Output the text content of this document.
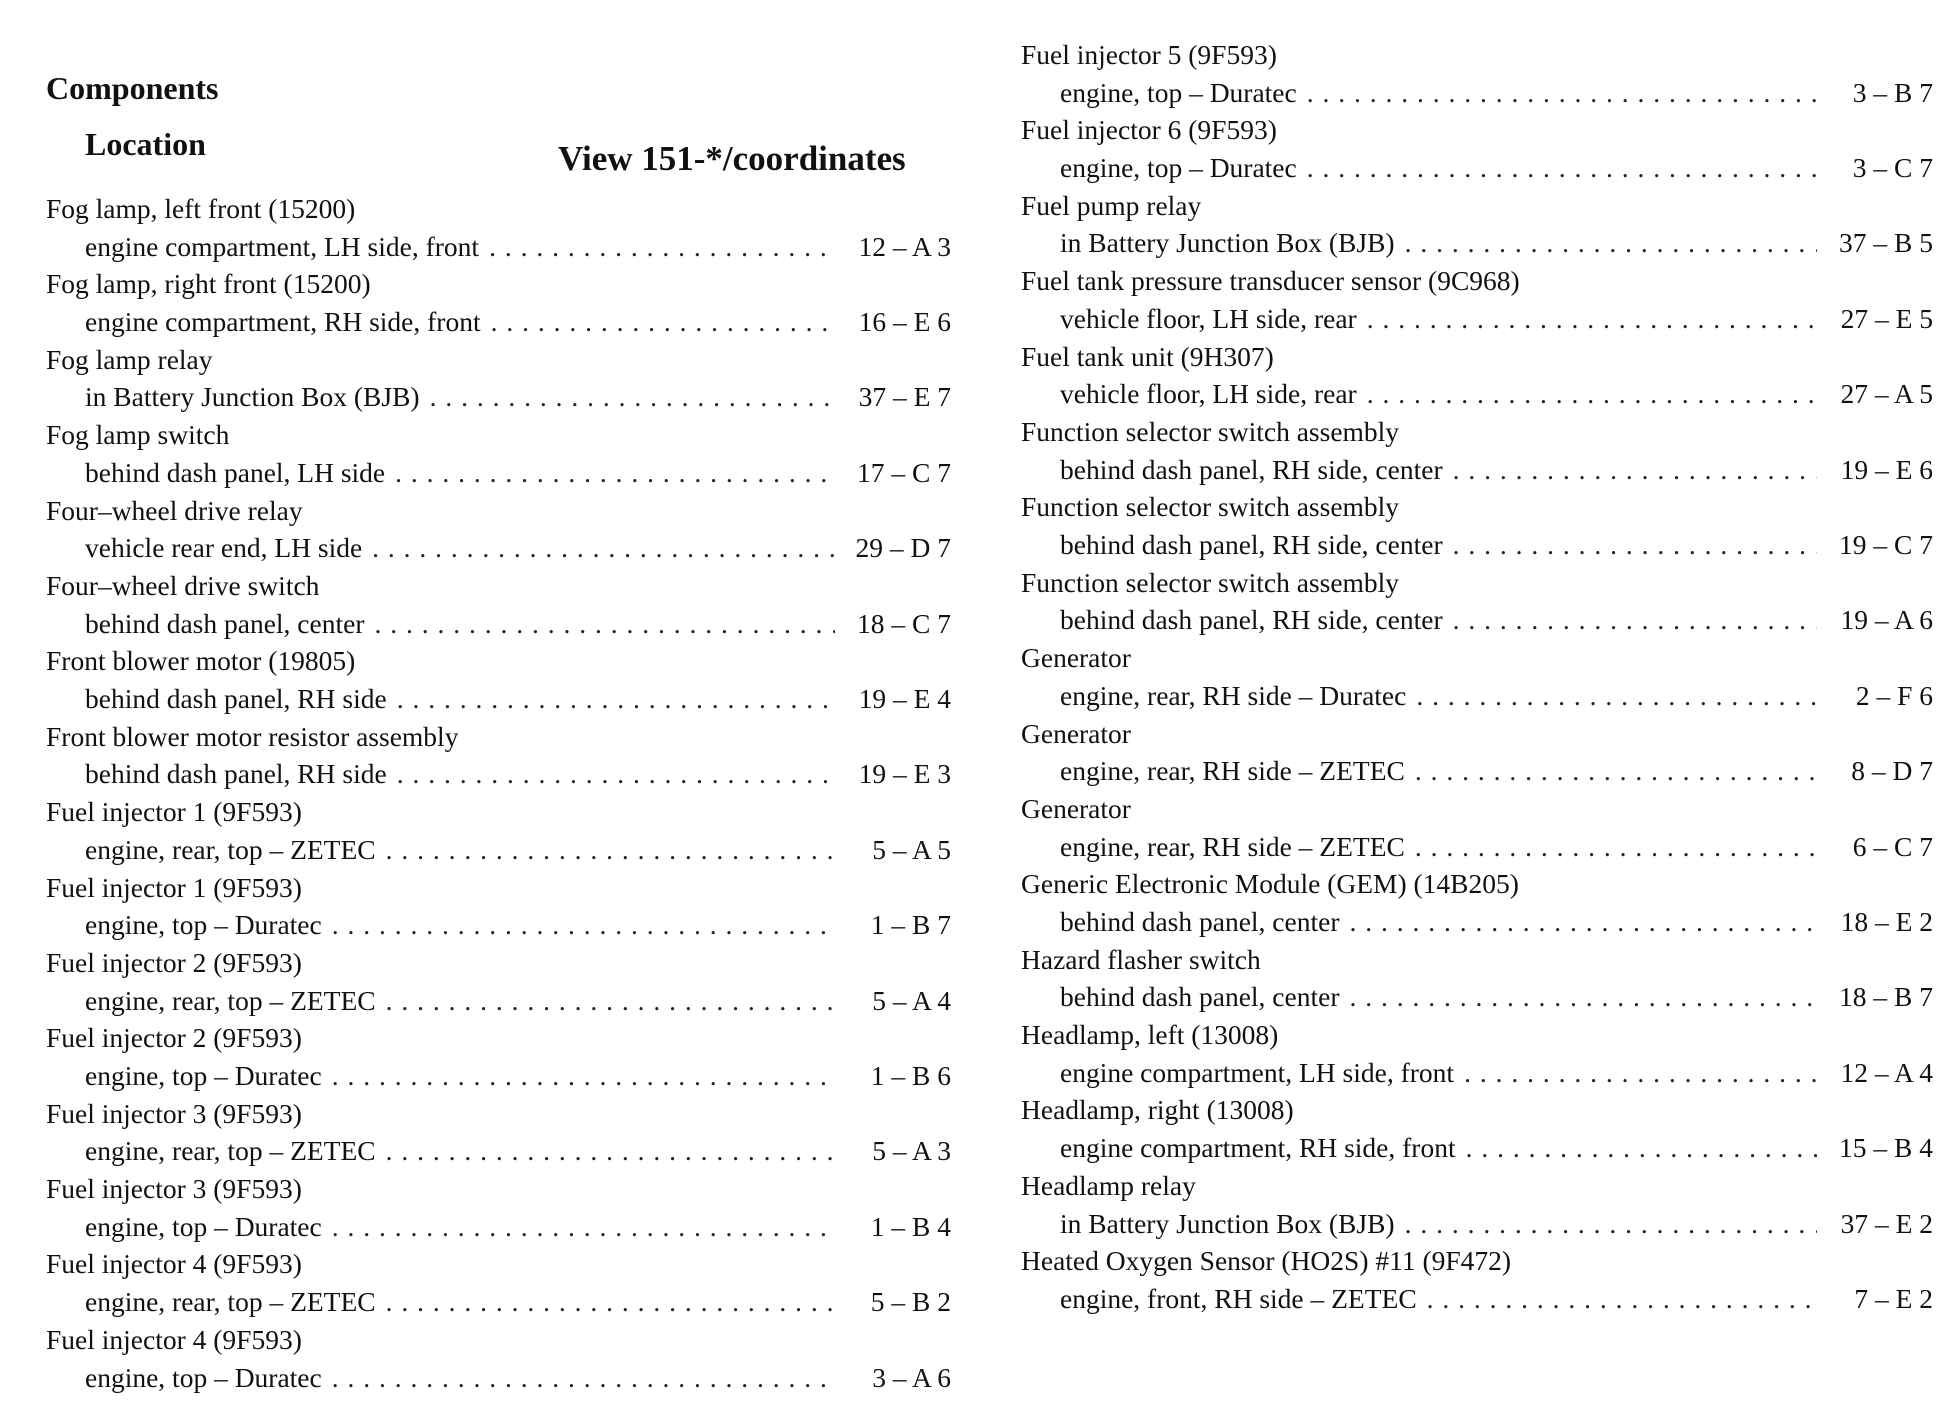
Components
Location	View 151-*/coordinates
Fog lamp, left front (15200)
engine compartment, LH side, front . . .	12 – A 3
Fog lamp, right front (15200)
engine compartment, RH side, front . . .	16 – E 6
Fog lamp relay
in Battery Junction Box (BJB) . . .	37 – E 7
Fog lamp switch
behind dash panel, LH side . . .	17 – C 7
Four–wheel drive relay
vehicle rear end, LH side . . .	29 – D 7
Four–wheel drive switch
behind dash panel, center . . .	18 – C 7
Front blower motor (19805)
behind dash panel, RH side . . .	19 – E 4
Front blower motor resistor assembly
behind dash panel, RH side . . .	19 – E 3
Fuel injector 1 (9F593)
engine, rear, top – ZETEC . . .	5 – A 5
Fuel injector 1 (9F593)
engine, top – Duratec . . .	1 – B 7
Fuel injector 2 (9F593)
engine, rear, top – ZETEC . . .	5 – A 4
Fuel injector 2 (9F593)
engine, top – Duratec . . .	1 – B 6
Fuel injector 3 (9F593)
engine, rear, top – ZETEC . . .	5 – A 3
Fuel injector 3 (9F593)
engine, top – Duratec . . .	1 – B 4
Fuel injector 4 (9F593)
engine, rear, top – ZETEC . . .	5 – B 2
Fuel injector 4 (9F593)
engine, top – Duratec . . .	3 – A 6
Fuel injector 5 (9F593)
engine, top – Duratec . . .	3 – B 7
Fuel injector 6 (9F593)
engine, top – Duratec . . .	3 – C 7
Fuel pump relay
in Battery Junction Box (BJB) . . .	37 – B 5
Fuel tank pressure transducer sensor (9C968)
vehicle floor, LH side, rear . . .	27 – E 5
Fuel tank unit (9H307)
vehicle floor, LH side, rear . . .	27 – A 5
Function selector switch assembly
behind dash panel, RH side, center . . .	19 – E 6
Function selector switch assembly
behind dash panel, RH side, center . . .	19 – C 7
Function selector switch assembly
behind dash panel, RH side, center . . .	19 – A 6
Generator
engine, rear, RH side – Duratec . . .	2 – F 6
Generator
engine, rear, RH side – ZETEC . . .	8 – D 7
Generator
engine, rear, RH side – ZETEC . . .	6 – C 7
Generic Electronic Module (GEM) (14B205)
behind dash panel, center . . .	18 – E 2
Hazard flasher switch
behind dash panel, center . . .	18 – B 7
Headlamp, left (13008)
engine compartment, LH side, front . . .	12 – A 4
Headlamp, right (13008)
engine compartment, RH side, front . . .	15 – B 4
Headlamp relay
in Battery Junction Box (BJB) . . .	37 – E 2
Heated Oxygen Sensor (HO2S) #11 (9F472)
engine, front, RH side – ZETEC . . .	7 – E 2
